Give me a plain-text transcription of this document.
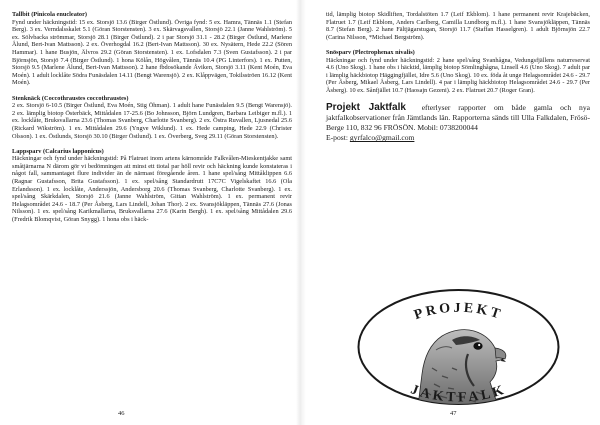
Tallbit (Pinicola enucleator)

Fynd under häckningstid: 15 ex. Storsjö 13.6 (Birger Östlund). Övriga fynd: 5 ex. Hamra, Tännäs 1.1 (Stefan Berg). 3 ex. Verndalsskalet 5.1 (Göran Storstensten). 3 ex. Skärvagsvallen, Storsjö 22.1 (Janne Wahlström). 5 ex. Sölvbacka strömmar, Storsjö 28.1 (Birger Östlund). 2 i par Storsjö 31.1 - 28.2 (Birger Östlund, Marlene Ålund, Bert-Ivan Mattsson). 2 ex. Överhogdal 16.2 (Bert-Ivan Mattsson). 30 ex. Nysätern, Hede 22.2 (Sören Hammar). 1 hane Busjön, Älvros 29.2 (Göran Storstensten). 1 ex. Lofsdalen 7.3 (Sven Gustafsson). 2 i par Björnsjön, Storsjö 7.4 (Birger Östlund). 1 hona Kölån, Högvålen, Tännäs 10.4 (PG Linterfors). 1 ex. Putten, Storsjö 9.5 (Marlene Ålund, Bert-Ivan Mattsson). 2 hane fbdosökande Åviken, Storsjö 3.11 (Kent Moén, Eva Moén). 1 adult locklåte Södra Funäsdalen 14.11 (Bengt Warensjö). 2 ex. Klåppvägen, Tokilsströen 16.12 (Kent Moén).

Stenknäck (Coccothraustes coccothraustes)

2 ex. Storsjö 6-10.5 (Birger Östlund, Eva Moén, Stig Öhman). 1 adult hane Funäsdalen 9.5 (Bengt Warensjö). 2 ex. lämplig biotop Österbäck, Mittådalen 17-25.6 (Bo Johnsson, Björn Lundgren, Barbara Leibiger m.fl.). 1 ex. locklåte, Bruksvallarna 23.6 (Thomas Svanberg, Charlotte Svanberg). 2 ex. Östra Ruvallen, Ljusnedal 25.6 (Rickard Wikström). 1 ex. Mittådalen 29.6 (Yngve Wiklund). 1 ex. Hede camping, Hede 22.9 (Christer Olsson). 1 ex. Östlunds, Storsjö 30.10 (Birger Östlund). 1 ex. Överberg, Sveg 29.11 (Göran Storstensten).

Lappsparv (Calcarius lapponicus)

Häckningar och fynd under häckningstid: På Flatruet inom artens kärnområde Falkvålen-Mieskentjakke samt småtjärnarna N därom gör vi bedömningen att minst ett tiotal par höll revir och häckning kunde konstateras i något fall, sammantaget flure individer än de närmast föregående åren. 1 hane spel/sång Mittåklippen 6.6 (Ragnar Gustafsson, Brita Gustafsson). 1 ex. spel/sång Standardrutt 17C7C Vigelskaftet 16.6 (Ola Erlandsson). 1 ex. locklåte, Anderssjön, Andersborg 20.6 (Thomas Svanberg, Charlotte Svanberg). 1 ex. spel/sång Skärkdalen, Storsjö 21.6 (Janne Wahlström, Gittan Wahlström). 1 ex. permanent revir Helagsområdet 24.6 - 18.7 (Per Åsberg, Lars Lindell, Johan Thor). 2 ex. Svansjökläppen, Tännäs 27.6 (Jonas Nilsson). 1 ex. spel/sång Karikmallarna, Bruksvallarna 27.6 (Karin Bergh). 1 ex. spel/sång Mittådalen 29.6 (Fredrik Blomqvist, Göran Snygg). 1 hona obs i häck-

46

tid, lämplig biotop Skidliften, Tordalstöten 1.7 (Leif Ekblom). 1 hane permanent revir Krajebäcken, Flatruet 1.7 (Leif Ekblom, Anders Carlberg, Camilla Lundborg m.fl.). 1 hane Svansjökläppen, Tännäs 8.7 (Stefan Berg). 2 hane Fältjägarstugan, Storsjö 11.7 (Staffan Hasselgren). 1 adult Björnsjön 22.7 (Carina Nilsson, *Michael Bergström).

Snösparv (Plectrophenax nivalis)

Häckningar och fynd under häckningstid: 2 hane spel/sång Svanhågna, Vedungsfjällens naturreservat 4.6 (Uno Skog). 1 hane obs i häcktid, lämplig biotop Sömlinghågna, Linsell 4.6 (Uno Skog). 7 adult par i lämplig häckbiotop Häggingfjället, Idre 5.6 (Uno Skog). 10 ex. föda åt unge Helagsområdet 24.6 - 29.7 (Per Åsberg, Mikael Åsberg, Lars Lindell). 4 par i lämplig häckbiotop Helagsområdet 24.6 - 29.7 (Per Åsberg). 10 ex. Sånfjället 10.7 (Haosajn Gezeni). 2 ex. Flatruet 20.7 (Roger Gran).

Projekt Jaktfalk efterlyser rapporter om både gamla och nya jaktfalkobservationer från Jämtlands län. Rapporterna sänds till Ulla Falkdalen, Frösö-Berge 110, 832 96 FRÖSÖN. Mobil: 0738200044

E-post: gyrfalco@gmail.com

PROJEKT
JAKTFALK
47
